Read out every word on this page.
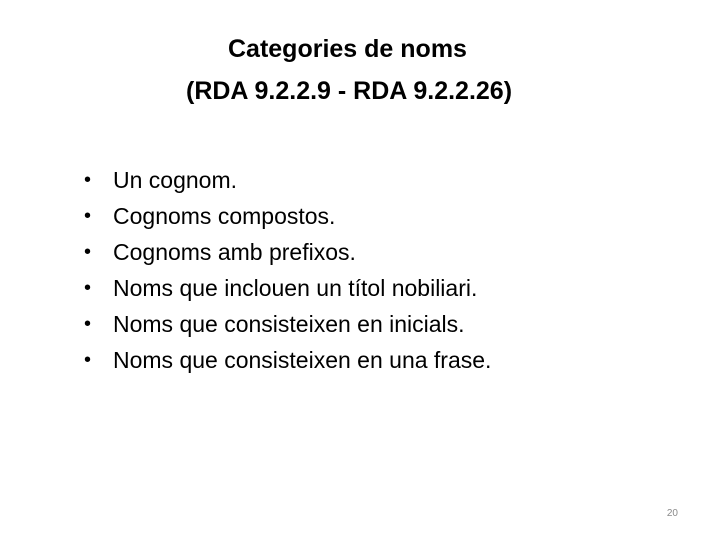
Categories de noms
(RDA 9.2.2.9 - RDA 9.2.2.26)
• Un cognom.
• Cognoms compostos.
• Cognoms amb prefixos.
• Noms que inclouen un títol nobiliari.
• Noms que consisteixen en inicials.
• Noms que consisteixen en una frase.
20
